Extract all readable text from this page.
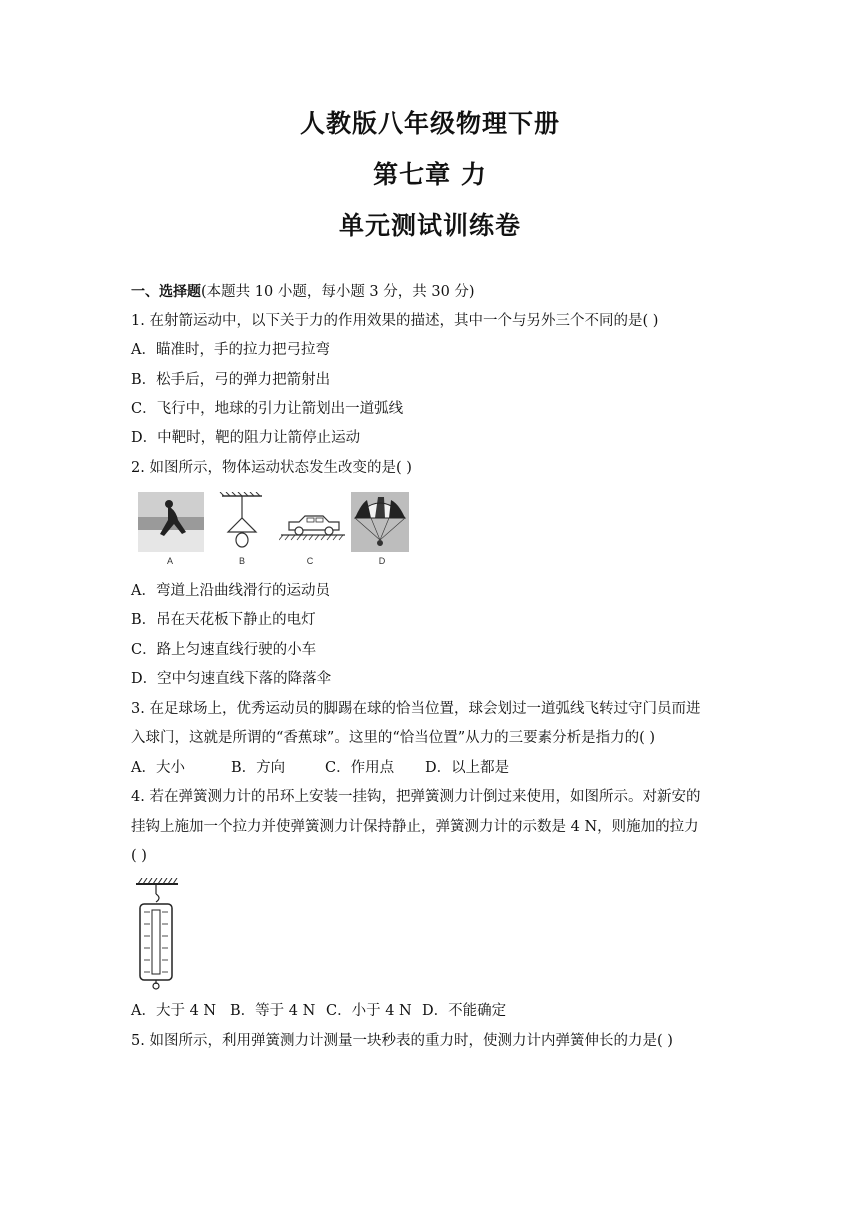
人教版八年级物理下册
第七章 力
单元测试训练卷
一、选择题(本题共 10 小题，每小题 3 分，共 30 分)
1. 在射箭运动中，以下关于力的作用效果的描述，其中一个与另外三个不同的是( )
A．瞄准时，手的拉力把弓拉弯
B．松手后，弓的弹力把箭射出
C．飞行中，地球的引力让箭划出一道弧线
D．中靶时，靶的阻力让箭停止运动
2. 如图所示，物体运动状态发生改变的是( )
A	B	C	D
A．弯道上沿曲线滑行的运动员
B．吊在天花板下静止的电灯
C．路上匀速直线行驶的小车
D．空中匀速直线下落的降落伞
3. 在足球场上，优秀运动员的脚踢在球的恰当位置，球会划过一道弧线飞转过守门员而进
入球门，这就是所谓的“香蕉球”。这里的“恰当位置”从力的三要素分析是指力的( )
A．大小	B．方向	C．作用点 D．以上都是
4. 若在弹簧测力计的吊环上安装一挂钩，把弹簧测力计倒过来使用，如图所示。对新安的
挂钩上施加一个拉力并使弹簧测力计保持静止，弹簧测力计的示数是 4 N，则施加的拉力
( )
A．大于 4 N B．等于 4 N C．小于 4 N D．不能确定
5. 如图所示，利用弹簧测力计测量一块秒表的重力时，使测力计内弹簧伸长的力是( )
